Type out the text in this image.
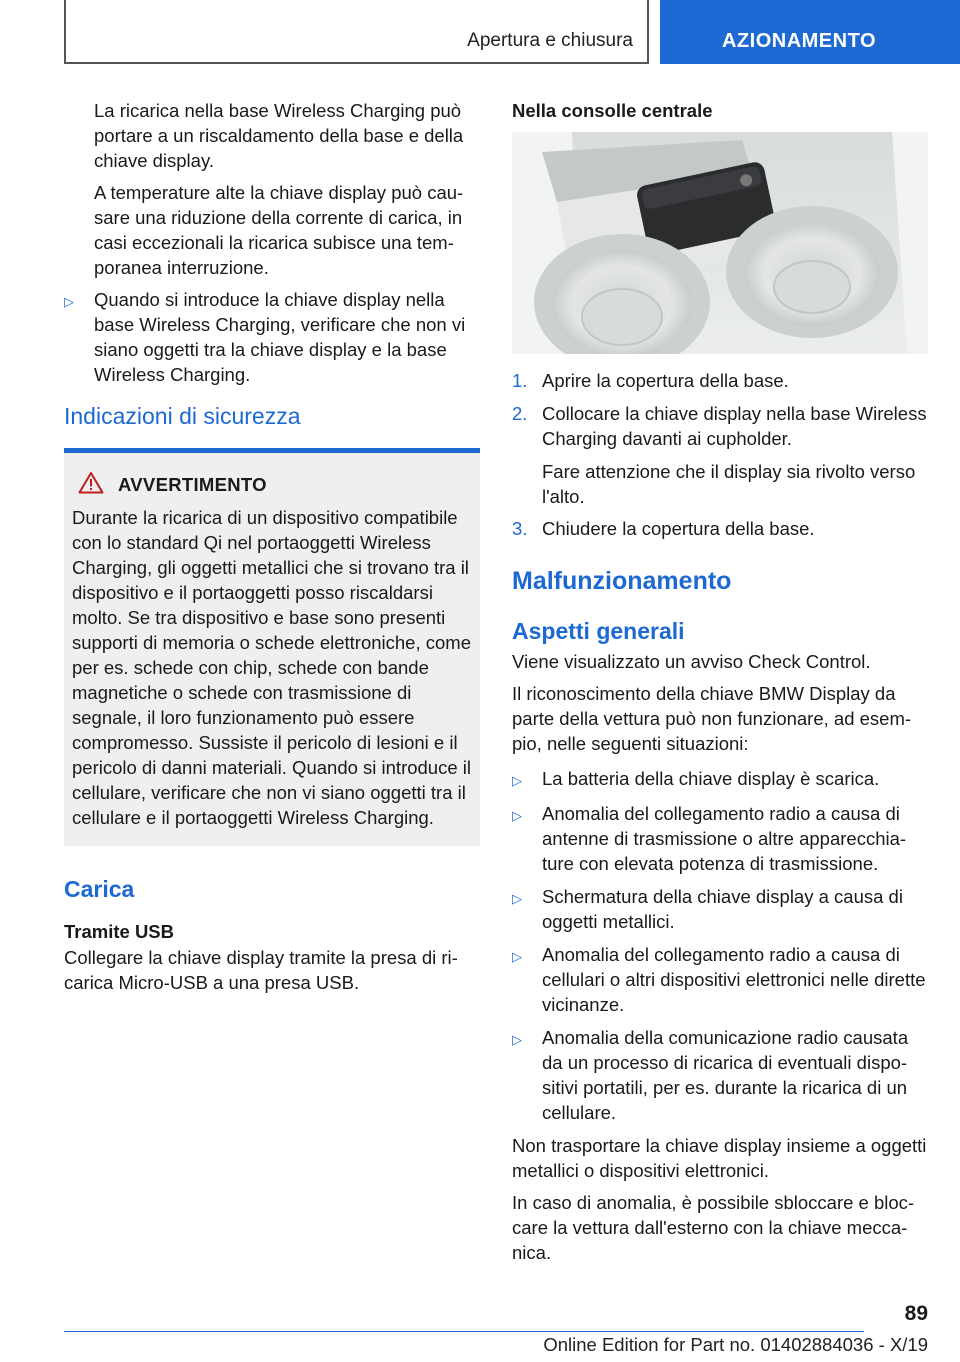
Apertura e chiusura	AZIONAMENTO

La ricarica nella base Wireless Charging può portare a un riscaldamento della base e della chiave display.

A temperature alte la chiave display può causare una riduzione della corrente di carica, in casi eccezionali la ricarica subisce una temporanea interruzione.

▷	Quando si introduce la chiave display nella base Wireless Charging, verificare che non vi siano oggetti tra la chiave display e la base Wireless Charging.
Indicazioni di sicurezza
AVVERTIMENTO

Durante la ricarica di un dispositivo compatibile con lo standard Qi nel portaoggetti Wireless Charging, gli oggetti metallici che si trovano tra il dispositivo e il portaoggetti posso riscaldarsi molto. Se tra dispositivo e base sono presenti supporti di memoria o schede elettroniche, come per es. schede con chip, schede con bande magnetiche o schede con trasmissione di segnale, il loro funzionamento può essere compromesso. Sussiste il pericolo di lesioni e il pericolo di danni materiali. Quando si introduce il cellulare, verificare che non vi siano oggetti tra il cellulare e il portaoggetti Wireless Charging.

Carica
Tramite USB

Collegare la chiave display tramite la presa di ricarica Micro-USB a una presa USB.

Nella consolle centrale
1. Aprire la copertura della base.
2. Collocare la chiave display nella base Wireless Charging davanti ai cupholder.

Fare attenzione che il display sia rivolto verso l'alto.

3. Chiudere la copertura della base.
Malfunzionamento
Aspetti generali

Viene visualizzato un avviso Check Control.

Il riconoscimento della chiave BMW Display da parte della vettura può non funzionare, ad esempio, nelle seguenti situazioni:

▷	La batteria della chiave display è scarica.
▷	Anomalia del collegamento radio a causa di antenne di trasmissione o altre apparecchiature con elevata potenza di trasmissione.
▷	Schermatura della chiave display a causa di oggetti metallici.
▷	Anomalia del collegamento radio a causa di cellulari o altri dispositivi elettronici nelle dirette vicinanze.
▷	Anomalia della comunicazione radio causata da un processo di ricarica di eventuali dispositivi portatili, per es. durante la ricarica di un cellulare.

Non trasportare la chiave display insieme a oggetti metallici o dispositivi elettronici.

In caso di anomalia, è possibile sbloccare e bloccare la vettura dall'esterno con la chiave meccanica.

89
Online Edition for Part no. 01402884036 - X/19
